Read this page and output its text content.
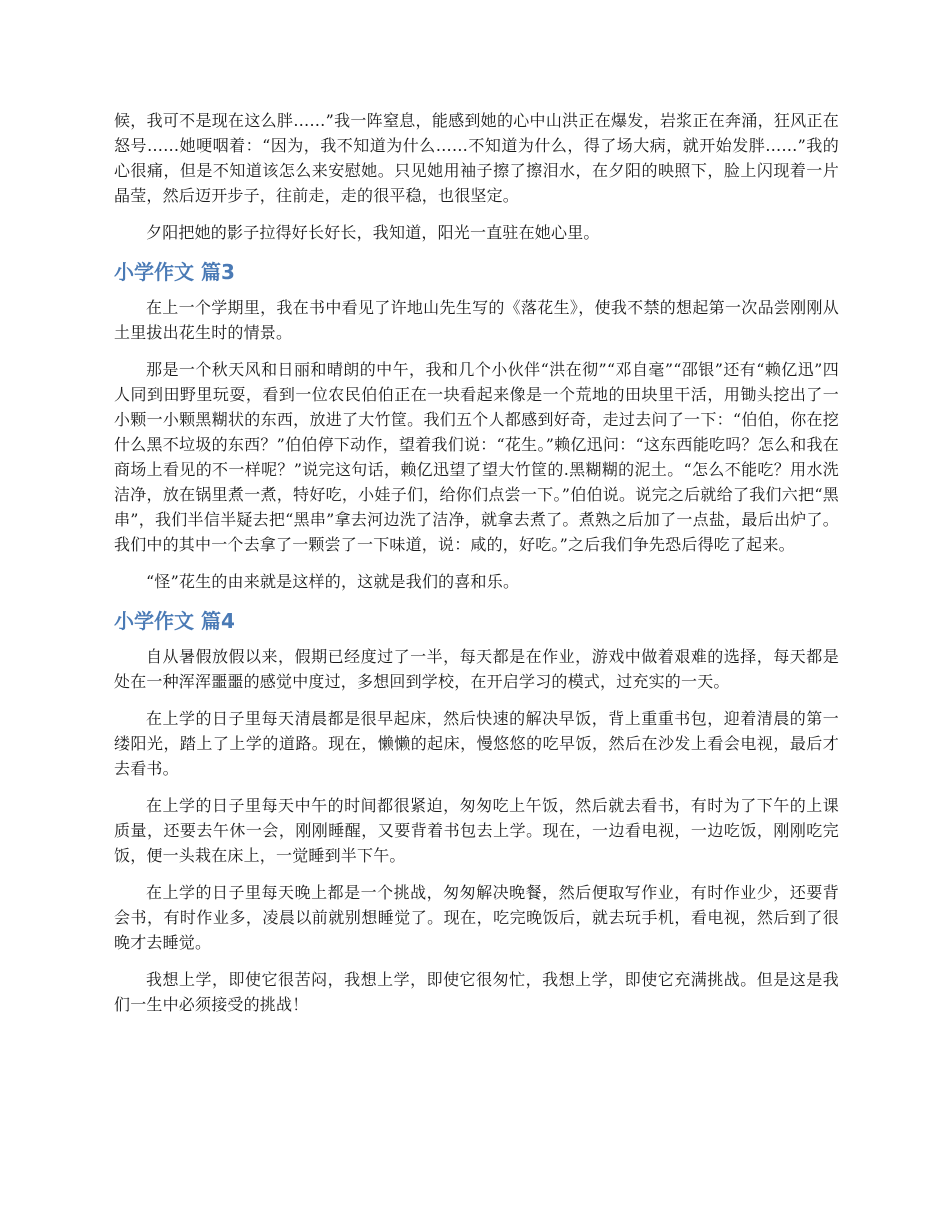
候，我可不是现在这么胖……”我一阵窒息，能感到她的心中山洪正在爆发，岩浆正在奔涌，狂风正在怒号……她哽咽着：“因为，我不知道为什么……不知道为什么，得了场大病，就开始发胖……”我的心很痛，但是不知道该怎么来安慰她。只见她用袖子擦了擦泪水，在夕阳的映照下，脸上闪现着一片晶莹，然后迈开步子，往前走，走的很平稳，也很坚定。

夕阳把她的影子拉得好长好长，我知道，阳光一直驻在她心里。

小学作文 篇3

在上一个学期里，我在书中看见了许地山先生写的《落花生》，使我不禁的想起第一次品尝刚刚从土里拔出花生时的情景。

那是一个秋天风和日丽和晴朗的中午，我和几个小伙伴“洪在彻”“邓自毫”“邵银”还有“赖亿迅”四人同到田野里玩耍，看到一位农民伯伯正在一块看起来像是一个荒地的田块里干活，用锄头挖出了一小颗一小颗黑糊状的东西，放进了大竹筐。我们五个人都感到好奇，走过去问了一下：“伯伯，你在挖什么黑不垃圾的东西？”伯伯停下动作，望着我们说：“花生。”赖亿迅问：“这东西能吃吗？怎么和我在商场上看见的不一样呢？”说完这句话，赖亿迅望了望大竹筐的.黑糊糊的泥土。“怎么不能吃？用水洗洁净，放在锅里煮一煮，特好吃，小娃子们，给你们点尝一下。”伯伯说。说完之后就给了我们六把“黑串”，我们半信半疑去把“黑串”拿去河边洗了洁净，就拿去煮了。煮熟之后加了一点盐，最后出炉了。我们中的其中一个去拿了一颗尝了一下味道，说：咸的，好吃。”之后我们争先恐后得吃了起来。

“怪”花生的由来就是这样的，这就是我们的喜和乐。

小学作文 篇4

自从暑假放假以来，假期已经度过了一半，每天都是在作业，游戏中做着艰难的选择，每天都是处在一种浑浑噩噩的感觉中度过，多想回到学校，在开启学习的模式，过充实的一天。

在上学的日子里每天清晨都是很早起床，然后快速的解决早饭，背上重重书包，迎着清晨的第一缕阳光，踏上了上学的道路。现在，懒懒的起床，慢悠悠的吃早饭，然后在沙发上看会电视，最后才去看书。

在上学的日子里每天中午的时间都很紧迫，匆匆吃上午饭，然后就去看书，有时为了下午的上课质量，还要去午休一会，刚刚睡醒，又要背着书包去上学。现在，一边看电视，一边吃饭，刚刚吃完饭，便一头栽在床上，一觉睡到半下午。

在上学的日子里每天晚上都是一个挑战，匆匆解决晚餐，然后便取写作业，有时作业少，还要背会书，有时作业多，凌晨以前就别想睡觉了。现在，吃完晚饭后，就去玩手机，看电视，然后到了很晚才去睡觉。

我想上学，即使它很苦闷，我想上学，即使它很匆忙，我想上学，即使它充满挑战。但是这是我们一生中必须接受的挑战！
